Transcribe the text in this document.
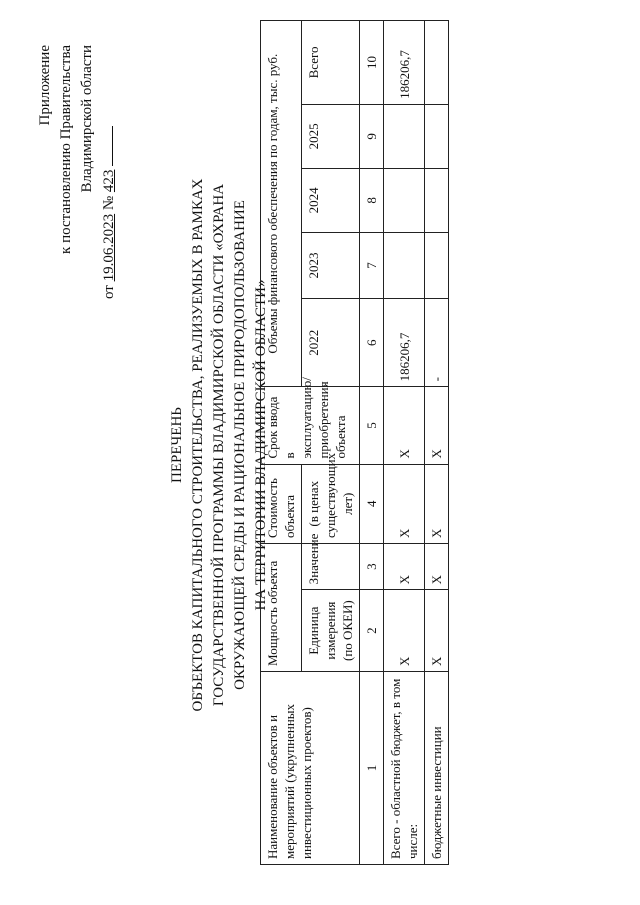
Приложение к постановлению Правительства Владимирской области
от 19.06.2023 № 423
ПЕРЕЧЕНЬ ОБЪЕКТОВ КАПИТАЛЬНОГО СТРОИТЕЛЬСТВА, РЕАЛИЗУЕМЫХ В РАМКАХ ГОСУДАРСТВЕННОЙ ПРОГРАММЫ ВЛАДИМИРСКОЙ ОБЛАСТИ «ОХРАНА ОКРУЖАЮЩЕЙ СРЕДЫ И РАЦИОНАЛЬНОЕ ПРИРОДОПОЛЬЗОВАНИЕ НА ТЕРРИТОРИИ ВЛАДИМИРСКОЙ ОБЛАСТИ»
Наименование объектов и мероприятий (укрупненных инвестиционных проектов)	Мощность объекта		Стоимость объекта	Срок ввода в эксплуатацию/приобретения объекта	Объемы финансового обеспечения по годам, тыс. руб.				
	Единица измерения (по ОКЕИ)	Значение	(в ценах существующих лет)		2022	2023	2024	2025	Всего
1	2	3	4	5	6	7	8	9	10
Всего - областной бюджет, в том числе:	X	X	X	X	186206,7				186206,7
бюджетные инвестиции	X	X	X	X	-				
